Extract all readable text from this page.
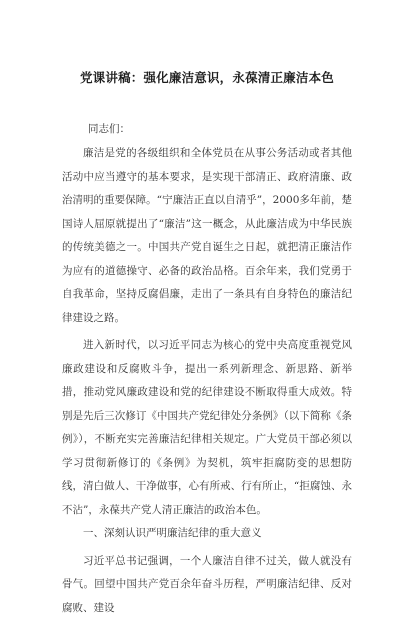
党课讲稿：强化廉洁意识，永葆清正廉洁本色

同志们：

廉洁是党的各级组织和全体党员在从事公务活动或者其他活动中应当遵守的基本要求，是实现干部清正、政府清廉、政治清明的重要保障。“宁廉洁正直以自清乎”，2000多年前，楚国诗人屈原就提出了“廉洁”这一概念，从此廉洁成为中华民族的传统美德之一。中国共产党自诞生之日起，就把清正廉洁作为应有的道德操守、必备的政治品格。百余年来，我们党勇于自我革命，坚持反腐倡廉，走出了一条具有自身特色的廉洁纪律建设之路。

进入新时代，以习近平同志为核心的党中央高度重视党风廉政建设和反腐败斗争，提出一系列新理念、新思路、新举措，推动党风廉政建设和党的纪律建设不断取得重大成效。特别是先后三次修订《中国共产党纪律处分条例》（以下简称《条例》），不断充实完善廉洁纪律相关规定。广大党员干部必须以学习贯彻新修订的《条例》为契机，筑牢拒腐防变的思想防线，清白做人、干净做事，心有所戒、行有所止，“拒腐蚀、永不沾”，永葆共产党人清正廉洁的政治本色。

一、深刻认识严明廉洁纪律的重大意义

习近平总书记强调，一个人廉洁自律不过关，做人就没有骨气。回望中国共产党百余年奋斗历程，严明廉洁纪律、反对腐败、建设
